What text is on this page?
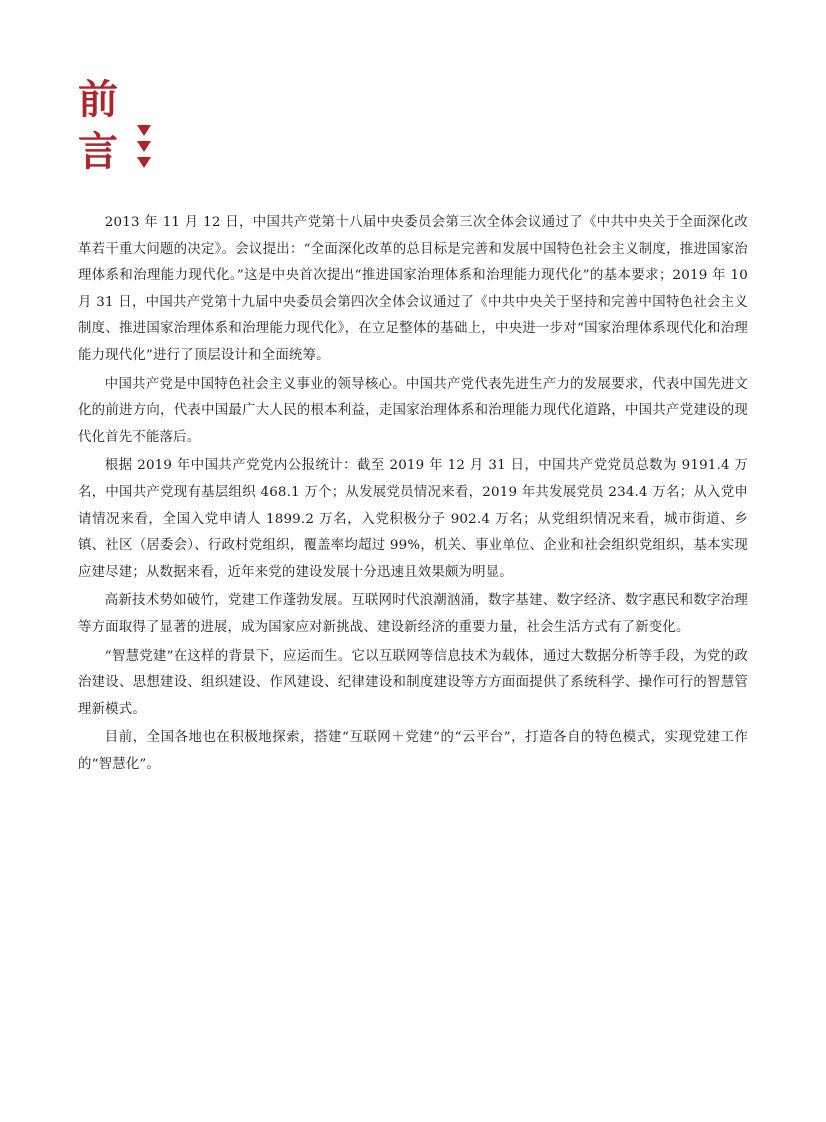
前
言

2013 年 11 月 12 日，中国共产党第十八届中央委员会第三次全体会议通过了《中共中央关于全面深化改革若干重大问题的决定》。会议提出：“全面深化改革的总目标是完善和发展中国特色社会主义制度，推进国家治理体系和治理能力现代化。”这是中央首次提出“推进国家治理体系和治理能力现代化”的基本要求；2019 年 10 月 31 日，中国共产党第十九届中央委员会第四次全体会议通过了《中共中央关于坚持和完善中国特色社会主义制度、推进国家治理体系和治理能力现代化》，在立足整体的基础上，中央进一步对“国家治理体系现代化和治理能力现代化”进行了顶层设计和全面统筹。

中国共产党是中国特色社会主义事业的领导核心。中国共产党代表先进生产力的发展要求，代表中国先进文化的前进方向，代表中国最广大人民的根本利益，走国家治理体系和治理能力现代化道路，中国共产党建设的现代化首先不能落后。

根据 2019 年中国共产党党内公报统计：截至 2019 年 12 月 31 日，中国共产党党员总数为 9191.4 万名，中国共产党现有基层组织 468.1 万个；从发展党员情况来看，2019 年共发展党员 234.4 万名；从入党申请情况来看，全国入党申请人 1899.2 万名，入党积极分子 902.4 万名；从党组织情况来看，城市街道、乡镇、社区（居委会）、行政村党组织，覆盖率均超过 99%，机关、事业单位、企业和社会组织党组织，基本实现应建尽建；从数据来看，近年来党的建设发展十分迅速且效果颇为明显。

高新技术势如破竹，党建工作蓬勃发展。互联网时代浪潮汹涌，数字基建、数字经济、数字惠民和数字治理等方面取得了显著的进展，成为国家应对新挑战、建设新经济的重要力量，社会生活方式有了新变化。

“智慧党建”在这样的背景下，应运而生。它以互联网等信息技术为载体，通过大数据分析等手段，为党的政治建设、思想建设、组织建设、作风建设、纪律建设和制度建设等方方面面提供了系统科学、操作可行的智慧管理新模式。

目前，全国各地也在积极地探索，搭建“互联网＋党建”的“云平台”，打造各自的特色模式，实现党建工作的“智慧化”。
